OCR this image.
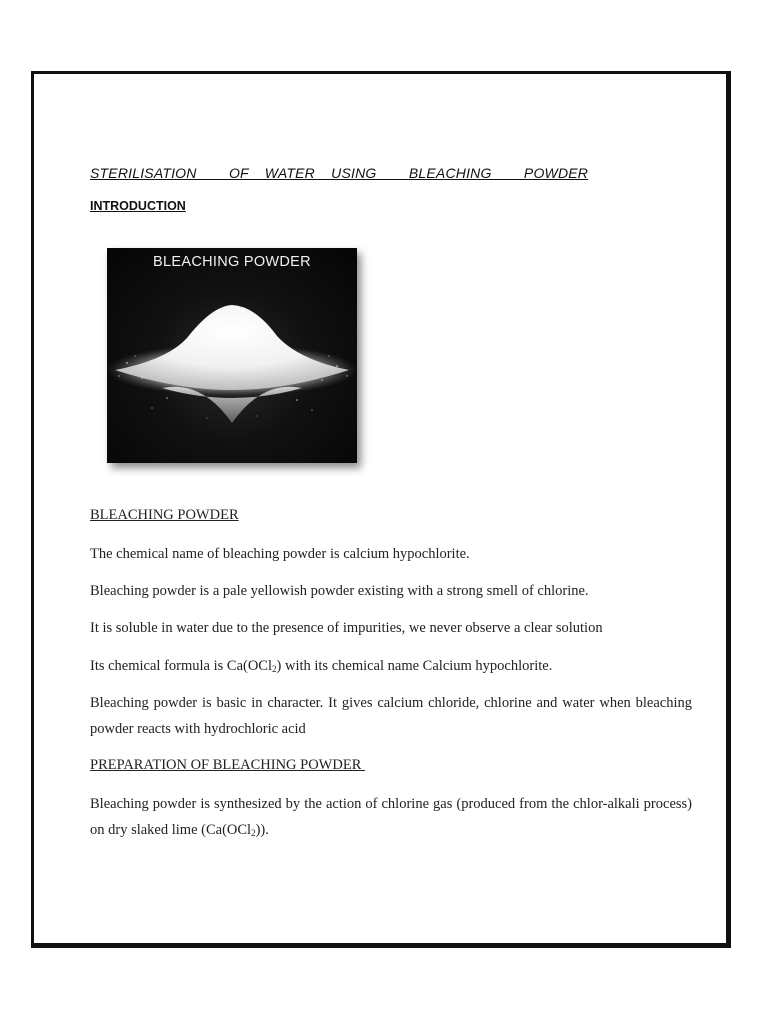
STERILISATION    OF  WATER  USING    BLEACHING    POWDER
INTRODUCTION
BLEACHING POWDER
BLEACHING POWDER
The chemical name of bleaching powder is calcium hypochlorite.
Bleaching powder is a pale yellowish powder existing with a strong smell of chlorine.
It is soluble in water due to the presence of impurities, we never observe a clear solution
Its chemical formula is Ca(OCl$_2$) with its chemical name Calcium hypochlorite.
Bleaching powder is basic in character. It gives calcium chloride, chlorine and water when bleaching powder reacts with hydrochloric acid
PREPARATION OF BLEACHING POWDER
Bleaching powder is synthesized by the action of chlorine gas (produced from the chlor-alkali process) on dry slaked lime (Ca(OCl$_2$)).
